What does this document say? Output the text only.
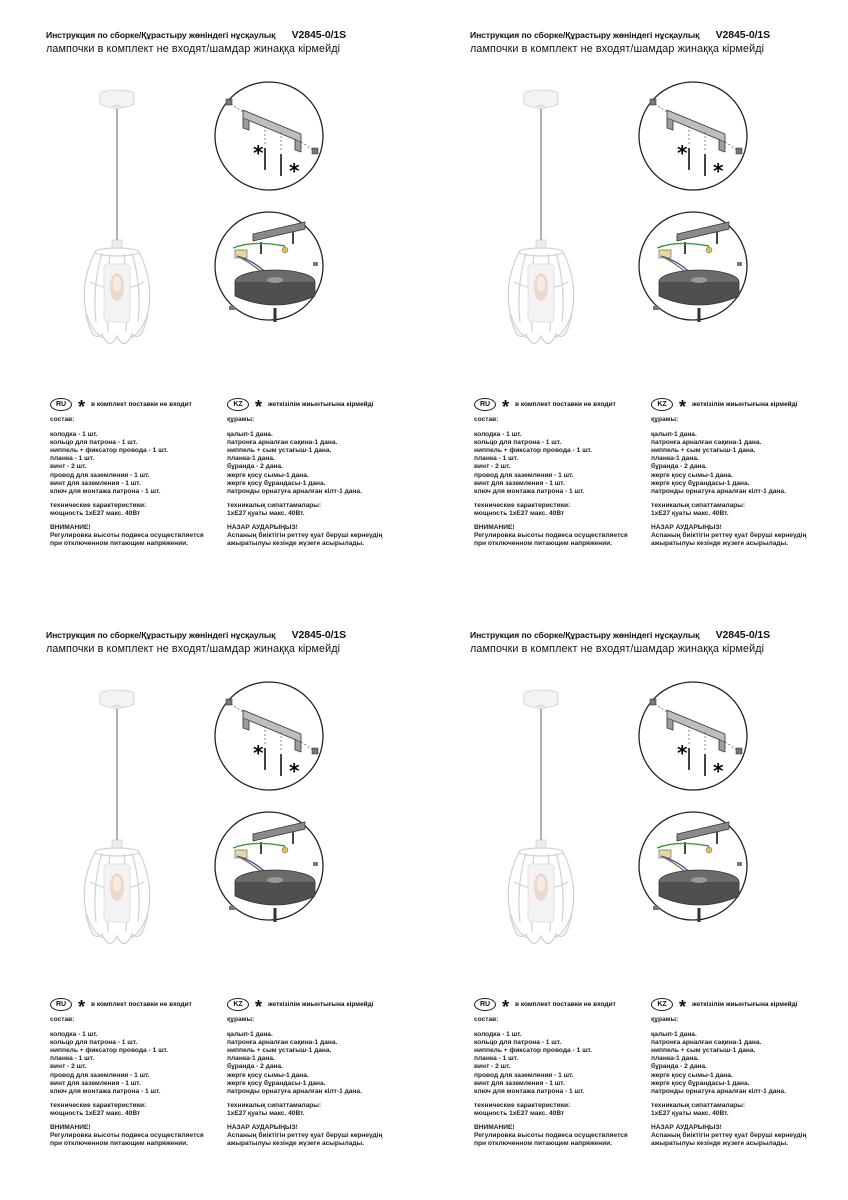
Инструкция по сборке/Құрастыру жөніндегі нұсқаулық V2845-0/1S
лампочки в комплект не входят/шамдар жинаққа кірмейді
*
*
RU * в комплект поставки не входит
состав:
колодка - 1 шт.
кольцо для патрона - 1 шт.
ниппель + фиксатор провода - 1 шт.
планка - 1 шт.
винт - 2 шт.
провод для заземления - 1 шт.
винт для заземления - 1 шт.
ключ для монтажа патрона - 1 шт.
технические характеристики:
мощность 1хЕ27 макс. 40Вт
ВНИМАНИЕ!
Регулировка высоты подвеса осуществляется
при отключенном питающем напряжении.
KZ * жеткізілім жиынтығына кірмейді
құрамы:
қалып-1 дана.
патронға арналған сақина-1 дана.
ниппель + сым устағыш-1 дана.
планка-1 дана.
бұранда - 2 дана.
жерге қосу сымы-1 дана.
жерге қосу бұрандасы-1 дана.
патронды орнатуға арналған кілт-1 дана.
техникалық сипаттамалары:
1хЕ27 қуаты макс. 40Вт.
НАЗАР АУДАРЫҢЫЗ!
Аспаның биіктігін реттеу қуат беруші кернеудің
ажыратылуы кезінде жүзеге асырылады.
Инструкция по сборке/Құрастыру жөніндегі нұсқаулық V2845-0/1S
лампочки в комплект не входят/шамдар жинаққа кірмейді
*
*
RU * в комплект поставки не входит
состав:
колодка - 1 шт.
кольцо для патрона - 1 шт.
ниппель + фиксатор провода - 1 шт.
планка - 1 шт.
винт - 2 шт.
провод для заземления - 1 шт.
винт для заземления - 1 шт.
ключ для монтажа патрона - 1 шт.
технические характеристики:
мощность 1хЕ27 макс. 40Вт
ВНИМАНИЕ!
Регулировка высоты подвеса осуществляется
при отключенном питающем напряжении.
KZ * жеткізілім жиынтығына кірмейді
құрамы:
қалып-1 дана.
патронға арналған сақина-1 дана.
ниппель + сым устағыш-1 дана.
планка-1 дана.
бұранда - 2 дана.
жерге қосу сымы-1 дана.
жерге қосу бұрандасы-1 дана.
патронды орнатуға арналған кілт-1 дана.
техникалық сипаттамалары:
1хЕ27 қуаты макс. 40Вт.
НАЗАР АУДАРЫҢЫЗ!
Аспаның биіктігін реттеу қуат беруші кернеудің
ажыратылуы кезінде жүзеге асырылады.
Инструкция по сборке/Құрастыру жөніндегі нұсқаулық V2845-0/1S
лампочки в комплект не входят/шамдар жинаққа кірмейді
*
*
RU * в комплект поставки не входит
состав:
колодка - 1 шт.
кольцо для патрона - 1 шт.
ниппель + фиксатор провода - 1 шт.
планка - 1 шт.
винт - 2 шт.
провод для заземления - 1 шт.
винт для заземления - 1 шт.
ключ для монтажа патрона - 1 шт.
технические характеристики:
мощность 1хЕ27 макс. 40Вт
ВНИМАНИЕ!
Регулировка высоты подвеса осуществляется
при отключенном питающем напряжении.
KZ * жеткізілім жиынтығына кірмейді
құрамы:
қалып-1 дана.
патронға арналған сақина-1 дана.
ниппель + сым устағыш-1 дана.
планка-1 дана.
бұранда - 2 дана.
жерге қосу сымы-1 дана.
жерге қосу бұрандасы-1 дана.
патронды орнатуға арналған кілт-1 дана.
техникалық сипаттамалары:
1хЕ27 қуаты макс. 40Вт.
НАЗАР АУДАРЫҢЫЗ!
Аспаның биіктігін реттеу қуат беруші кернеудің
ажыратылуы кезінде жүзеге асырылады.
Инструкция по сборке/Құрастыру жөніндегі нұсқаулық V2845-0/1S
лампочки в комплект не входят/шамдар жинаққа кірмейді
*
*
RU * в комплект поставки не входит
состав:
колодка - 1 шт.
кольцо для патрона - 1 шт.
ниппель + фиксатор провода - 1 шт.
планка - 1 шт.
винт - 2 шт.
провод для заземления - 1 шт.
винт для заземления - 1 шт.
ключ для монтажа патрона - 1 шт.
технические характеристики:
мощность 1хЕ27 макс. 40Вт
ВНИМАНИЕ!
Регулировка высоты подвеса осуществляется
при отключенном питающем напряжении.
KZ * жеткізілім жиынтығына кірмейді
құрамы:
қалып-1 дана.
патронға арналған сақина-1 дана.
ниппель + сым устағыш-1 дана.
планка-1 дана.
бұранда - 2 дана.
жерге қосу сымы-1 дана.
жерге қосу бұрандасы-1 дана.
патронды орнатуға арналған кілт-1 дана.
техникалық сипаттамалары:
1хЕ27 қуаты макс. 40Вт.
НАЗАР АУДАРЫҢЫЗ!
Аспаның биіктігін реттеу қуат беруші кернеудің
ажыратылуы кезінде жүзеге асырылады.
